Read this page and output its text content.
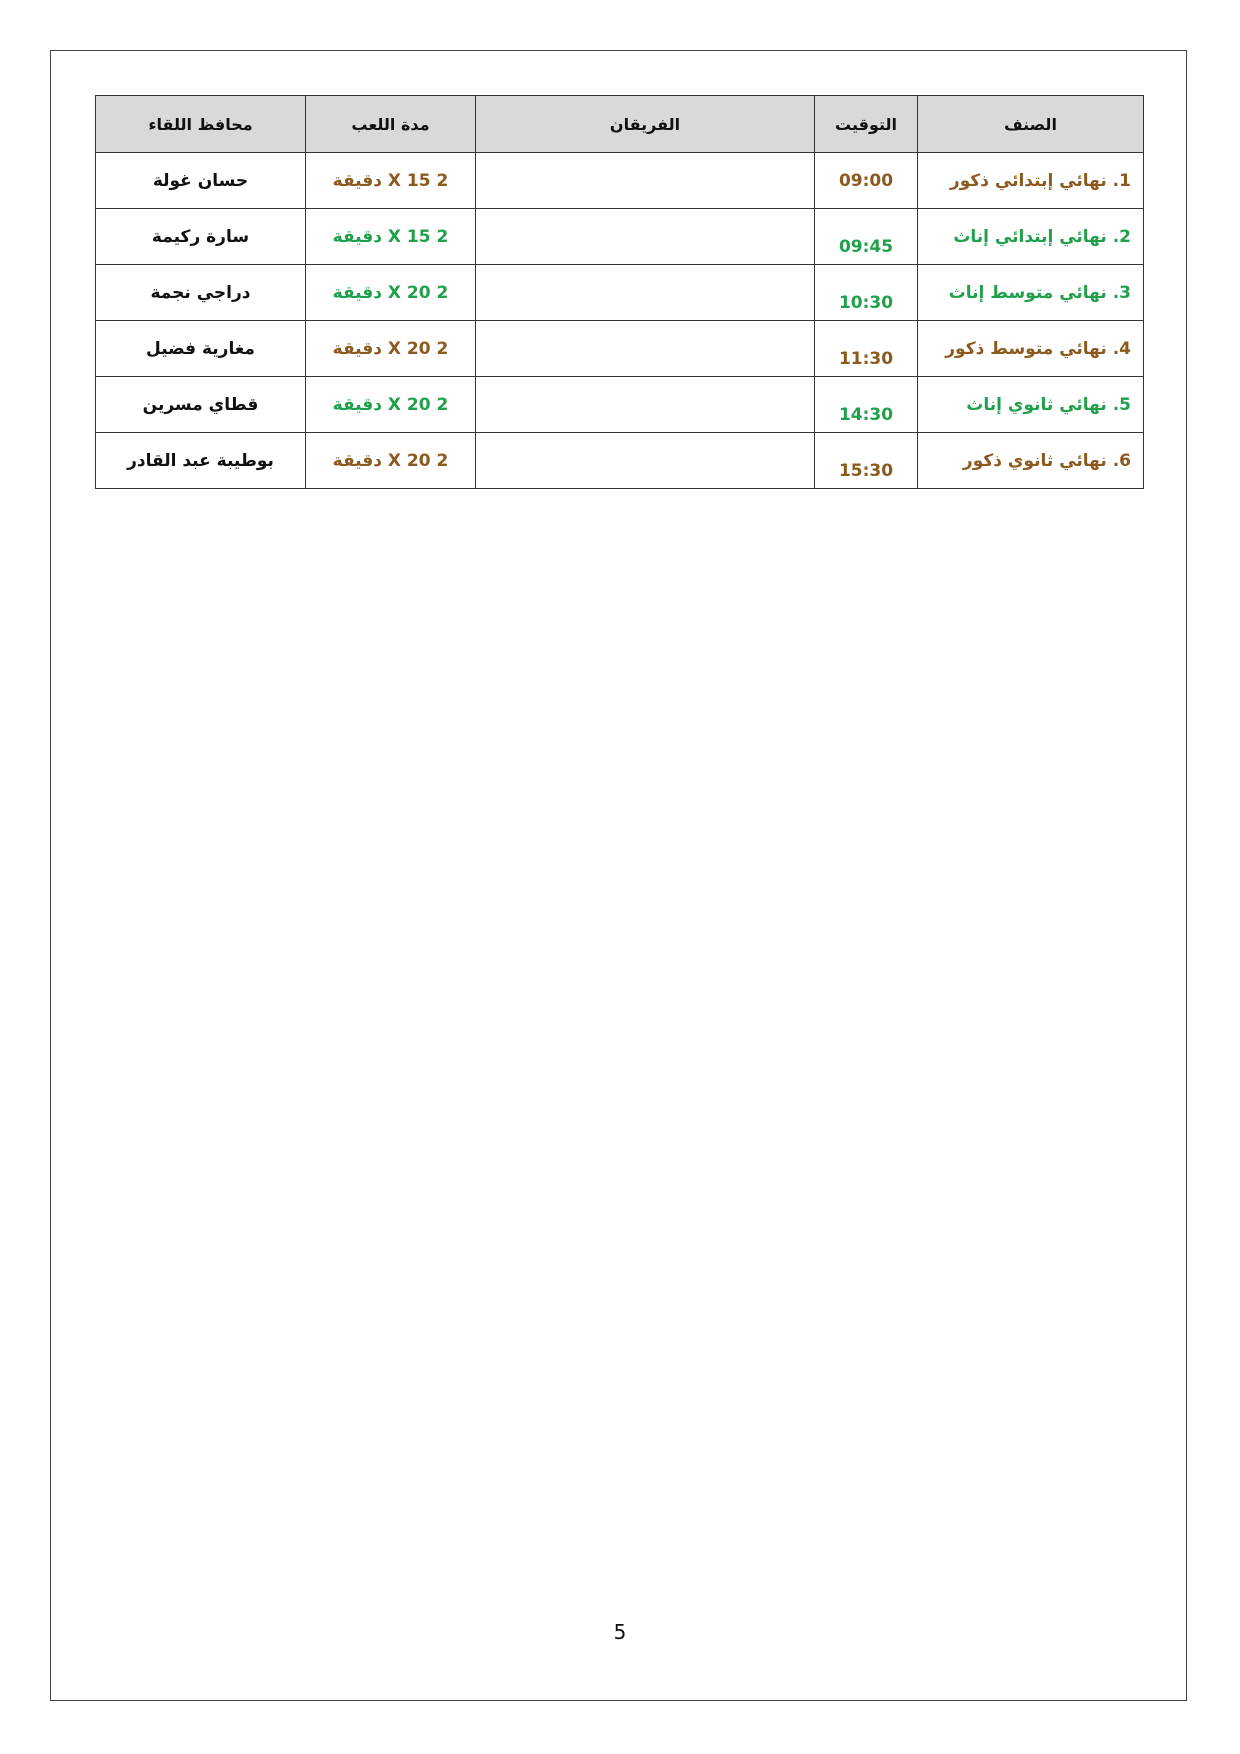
الصنف	التوقيت	الفريقان	مدة اللعب	محافظ اللقاء
1. نهائي إبتدائي ذكور	09:00		2 X 15 دقيقة	حسان غولة
2. نهائي إبتدائي إناث	09:45		2 X 15 دقيقة	سارة ركيمة
3. نهائي متوسط إناث	10:30		2 X 20 دقيقة	دراجي نجمة
4. نهائي متوسط ذكور	11:30		2 X 20 دقيقة	مغارية فضيل
5. نهائي ثانوي إناث	14:30		2 X 20 دقيقة	قطاي مسرين
6. نهائي ثانوي ذكور	15:30		2 X 20 دقيقة	بوطيبة عبد القادر
5
